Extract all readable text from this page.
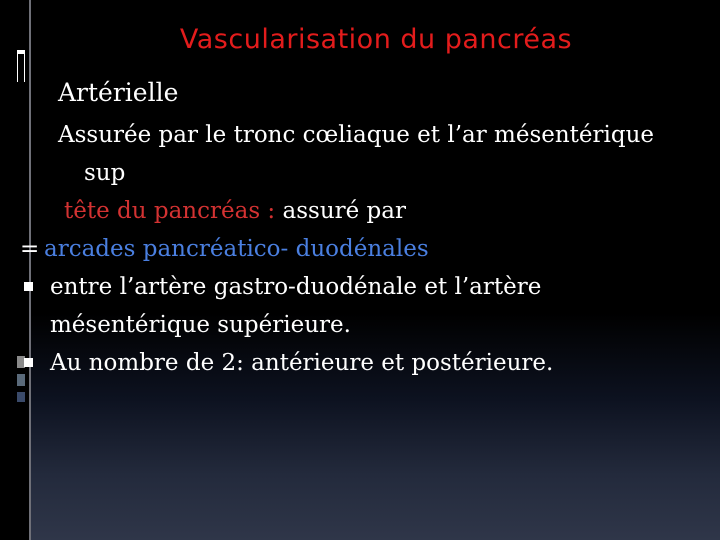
Vascularisation du pancréas
Artérielle
Assurée par le tronc cœliaque et l’ar mésentérique
sup
tête du pancréas : assuré par
= arcades pancréatico- duodénales
entre l’artère gastro-duodénale et l’artère
mésentérique supérieure.
Au nombre de 2: antérieure et postérieure.
